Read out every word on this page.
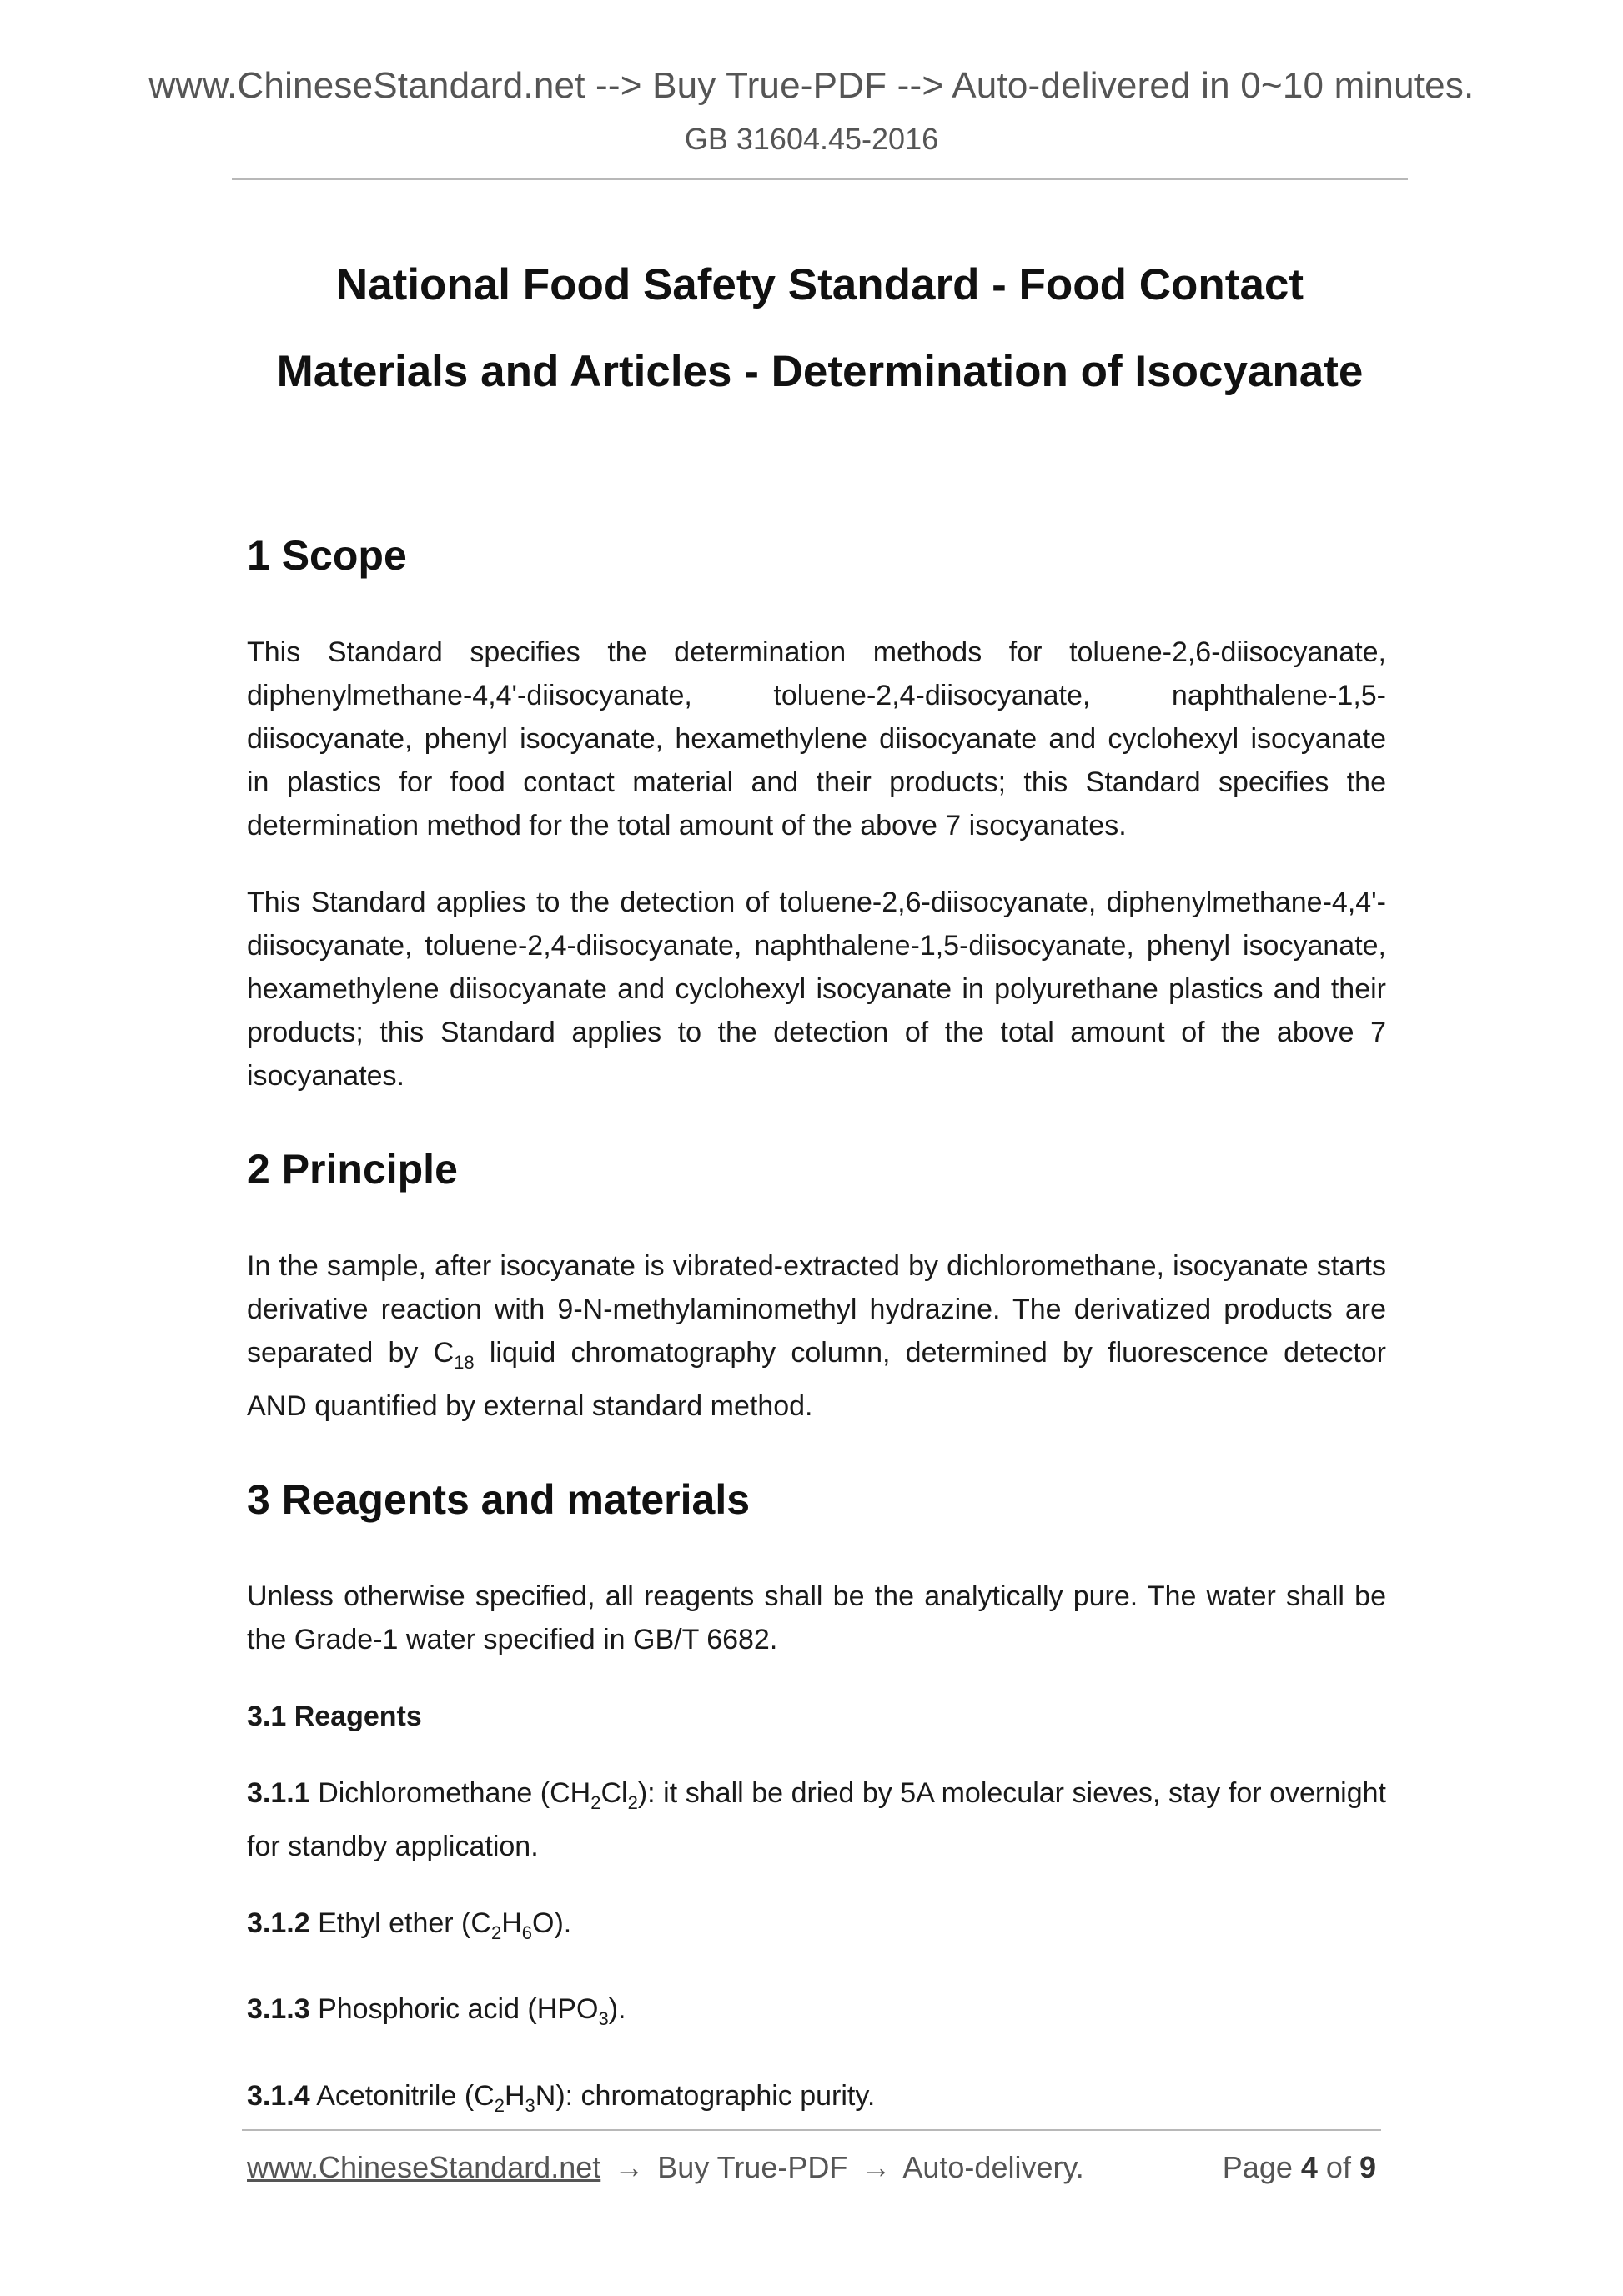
www.ChineseStandard.net --> Buy True-PDF --> Auto-delivered in 0~10 minutes.
GB 31604.45-2016
National Food Safety Standard - Food Contact
Materials and Articles - Determination of Isocyanate
1 Scope

This Standard specifies the determination methods for toluene-2,6-diisocyanate, diphenylmethane-4,4'-diisocyanate, toluene-2,4-diisocyanate, naphthalene-1,5-diisocyanate, phenyl isocyanate, hexamethylene diisocyanate and cyclohexyl isocyanate in plastics for food contact material and their products; this Standard specifies the determination method for the total amount of the above 7 isocyanates.

This Standard applies to the detection of toluene-2,6-diisocyanate, diphenylmethane-4,4'-diisocyanate, toluene-2,4-diisocyanate, naphthalene-1,5-diisocyanate, phenyl isocyanate, hexamethylene diisocyanate and cyclohexyl isocyanate in polyurethane plastics and their products; this Standard applies to the detection of the total amount of the above 7 isocyanates.

2 Principle

In the sample, after isocyanate is vibrated-extracted by dichloromethane, isocyanate starts derivative reaction with 9-N-methylaminomethyl hydrazine. The derivatized products are separated by $C_{18}$ liquid chromatography column, determined by fluorescence detector AND quantified by external standard method.

3 Reagents and materials

Unless otherwise specified, all reagents shall be the analytically pure. The water shall be the Grade-1 water specified in GB/T 6682.

3.1 Reagents

3.1.1 Dichloromethane $(CH_2Cl_2)$: it shall be dried by 5A molecular sieves, stay for overnight for standby application.

3.1.2 Ethyl ether $(C_2H_6O)$.

3.1.3 Phosphoric acid $(HPO_3)$.

3.1.4 Acetonitrile $(C_2H_3N)$: chromatographic purity.

www.ChineseStandard.net → Buy True-PDF → Auto-delivery.	Page 4 of 9
